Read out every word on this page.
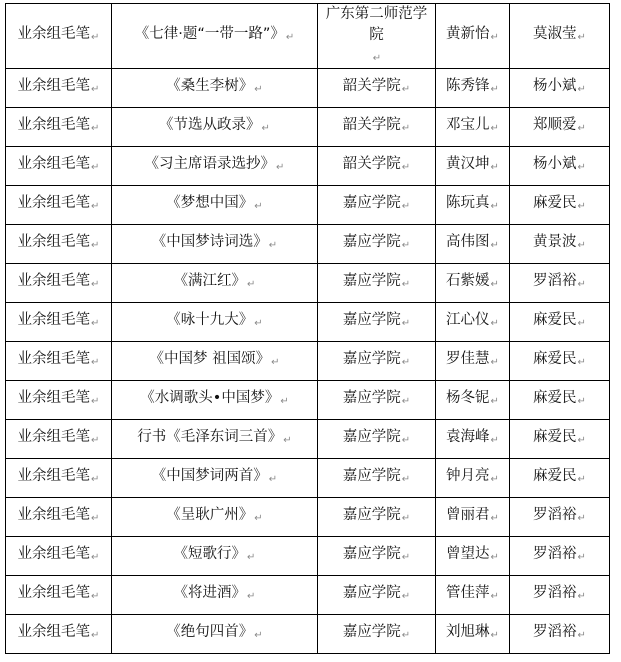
业余组毛笔↵	《七律·题“一带一路”》↵	广东第二师范学院↵	黄新怡↵	莫淑莹↵
业余组毛笔↵	《桑生李树》↵	韶关学院↵	陈秀锋↵	杨小斌↵
业余组毛笔↵	《节选从政录》↵	韶关学院↵	邓宝儿↵	郑顺爱↵
业余组毛笔↵	《习主席语录选抄》↵	韶关学院↵	黄汉坤↵	杨小斌↵
业余组毛笔↵	《梦想中国》↵	嘉应学院↵	陈玩真↵	麻爱民↵
业余组毛笔↵	《中国梦诗词选》↵	嘉应学院↵	高伟图↵	黄景波↵
业余组毛笔↵	《满江红》↵	嘉应学院↵	石紫媛↵	罗滔裕↵
业余组毛笔↵	《咏十九大》↵	嘉应学院↵	江心仪↵	麻爱民↵
业余组毛笔↵	《中国梦 祖国颂》↵	嘉应学院↵	罗佳慧↵	麻爱民↵
业余组毛笔↵	《水调歌头•中国梦》↵	嘉应学院↵	杨冬铌↵	麻爱民↵
业余组毛笔↵	行书《毛泽东词三首》↵	嘉应学院↵	袁海峰↵	麻爱民↵
业余组毛笔↵	《中国梦词两首》↵	嘉应学院↵	钟月亮↵	麻爱民↵
业余组毛笔↵	《呈耿广州》↵	嘉应学院↵	曾丽君↵	罗滔裕↵
业余组毛笔↵	《短歌行》↵	嘉应学院↵	曾望达↵	罗滔裕↵
业余组毛笔↵	《将进酒》↵	嘉应学院↵	管佳萍↵	罗滔裕↵
业余组毛笔↵	《绝句四首》↵	嘉应学院↵	刘旭琳↵	罗滔裕↵
